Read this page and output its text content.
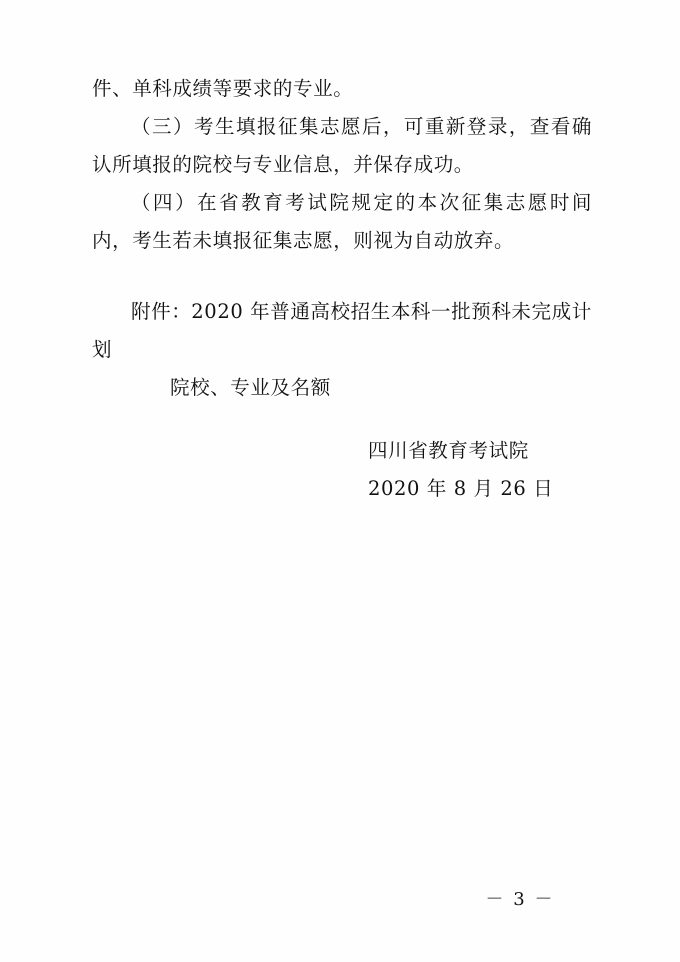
件、单科成绩等要求的专业。

（三）考生填报征集志愿后，可重新登录，查看确认所填报的院校与专业信息，并保存成功。

（四）在省教育考试院规定的本次征集志愿时间内，考生若未填报征集志愿，则视为自动放弃。

附件：2020 年普通高校招生本科一批预科未完成计划

院校、专业及名额

四川省教育考试院

2020 年 8 月 26 日

－ 3 －
